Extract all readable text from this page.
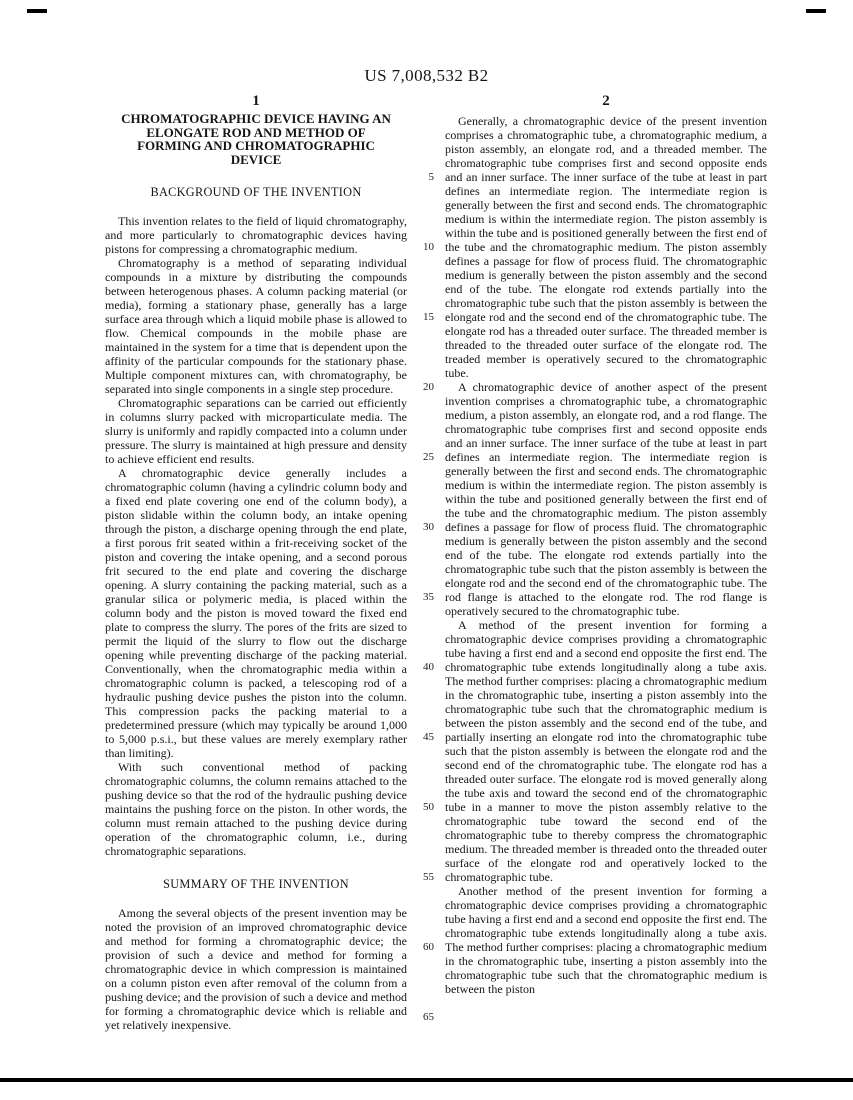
US 7,008,532 B2
1	2
CHROMATOGRAPHIC DEVICE HAVING AN
ELONGATE ROD AND METHOD OF
FORMING AND CHROMATOGRAPHIC
DEVICE
BACKGROUND OF THE INVENTION

This invention relates to the field of liquid chromatography, and more particularly to chromatographic devices having pistons for compressing a chromatographic medium.

Chromatography is a method of separating individual compounds in a mixture by distributing the compounds between heterogenous phases. A column packing material (or media), forming a stationary phase, generally has a large surface area through which a liquid mobile phase is allowed to flow. Chemical compounds in the mobile phase are maintained in the system for a time that is dependent upon the affinity of the particular compounds for the stationary phase. Multiple component mixtures can, with chromatography, be separated into single components in a single step procedure.

Chromatographic separations can be carried out efficiently in columns slurry packed with microparticulate media. The slurry is uniformly and rapidly compacted into a column under pressure. The slurry is maintained at high pressure and density to achieve efficient end results.

A chromatographic device generally includes a chromatographic column (having a cylindric column body and a fixed end plate covering one end of the column body), a piston slidable within the column body, an intake opening through the piston, a discharge opening through the end plate, a first porous frit seated within a frit-receiving socket of the piston and covering the intake opening, and a second porous frit secured to the end plate and covering the discharge opening. A slurry containing the packing material, such as a granular silica or polymeric media, is placed within the column body and the piston is moved toward the fixed end plate to compress the slurry. The pores of the frits are sized to permit the liquid of the slurry to flow out the discharge opening while preventing discharge of the packing material. Conventionally, when the chromatographic media within a chromatographic column is packed, a telescoping rod of a hydraulic pushing device pushes the piston into the column. This compression packs the packing material to a predetermined pressure (which may typically be around 1,000 to 5,000 p.s.i., but these values are merely exemplary rather than limiting).

With such conventional method of packing chromatographic columns, the column remains attached to the pushing device so that the rod of the hydraulic pushing device maintains the pushing force on the piston. In other words, the column must remain attached to the pushing device during operation of the chromatographic column, i.e., during chromatographic separations.

SUMMARY OF THE INVENTION

Among the several objects of the present invention may be noted the provision of an improved chromatographic device and method for forming a chromatographic device; the provision of such a device and method for forming a chromatographic device in which compression is maintained on a column piston even after removal of the column from a pushing device; and the provision of such a device and method for forming a chromatographic device which is reliable and yet relatively inexpensive.

5
10
15
20
25
30
35
40
45
50
55
60
65

Generally, a chromatographic device of the present invention comprises a chromatographic tube, a chromatographic medium, a piston assembly, an elongate rod, and a threaded member. The chromatographic tube comprises first and second opposite ends and an inner surface. The inner surface of the tube at least in part defines an intermediate region. The intermediate region is generally between the first and second ends. The chromatographic medium is within the intermediate region. The piston assembly is within the tube and is positioned generally between the first end of the tube and the chromatographic medium. The piston assembly defines a passage for flow of process fluid. The chromatographic medium is generally between the piston assembly and the second end of the tube. The elongate rod extends partially into the chromatographic tube such that the piston assembly is between the elongate rod and the second end of the chromatographic tube. The elongate rod has a threaded outer surface. The threaded member is threaded to the threaded outer surface of the elongate rod. The treaded member is operatively secured to the chromatographic tube.

A chromatographic device of another aspect of the present invention comprises a chromatographic tube, a chromatographic medium, a piston assembly, an elongate rod, and a rod flange. The chromatographic tube comprises first and second opposite ends and an inner surface. The inner surface of the tube at least in part defines an intermediate region. The intermediate region is generally between the first and second ends. The chromatographic medium is within the intermediate region. The piston assembly is within the tube and positioned generally between the first end of the tube and the chromatographic medium. The piston assembly defines a passage for flow of process fluid. The chromatographic medium is generally between the piston assembly and the second end of the tube. The elongate rod extends partially into the chromatographic tube such that the piston assembly is between the elongate rod and the second end of the chromatographic tube. The rod flange is attached to the elongate rod. The rod flange is operatively secured to the chromatographic tube.

A method of the present invention for forming a chromatographic device comprises providing a chromatographic tube having a first end and a second end opposite the first end. The chromatographic tube extends longitudinally along a tube axis. The method further comprises: placing a chromatographic medium in the chromatographic tube, inserting a piston assembly into the chromatographic tube such that the chromatographic medium is between the piston assembly and the second end of the tube, and partially inserting an elongate rod into the chromatographic tube such that the piston assembly is between the elongate rod and the second end of the chromatographic tube. The elongate rod has a threaded outer surface. The elongate rod is moved generally along the tube axis and toward the second end of the chromatographic tube in a manner to move the piston assembly relative to the chromatographic tube toward the second end of the chromatographic tube to thereby compress the chromatographic medium. The threaded member is threaded onto the threaded outer surface of the elongate rod and operatively locked to the chromatographic tube.

Another method of the present invention for forming a chromatographic device comprises providing a chromatographic tube having a first end and a second end opposite the first end. The chromatographic tube extends longitudinally along a tube axis. The method further comprises: placing a chromatographic medium in the chromatographic tube, inserting a piston assembly into the chromatographic tube such that the chromatographic medium is between the piston
